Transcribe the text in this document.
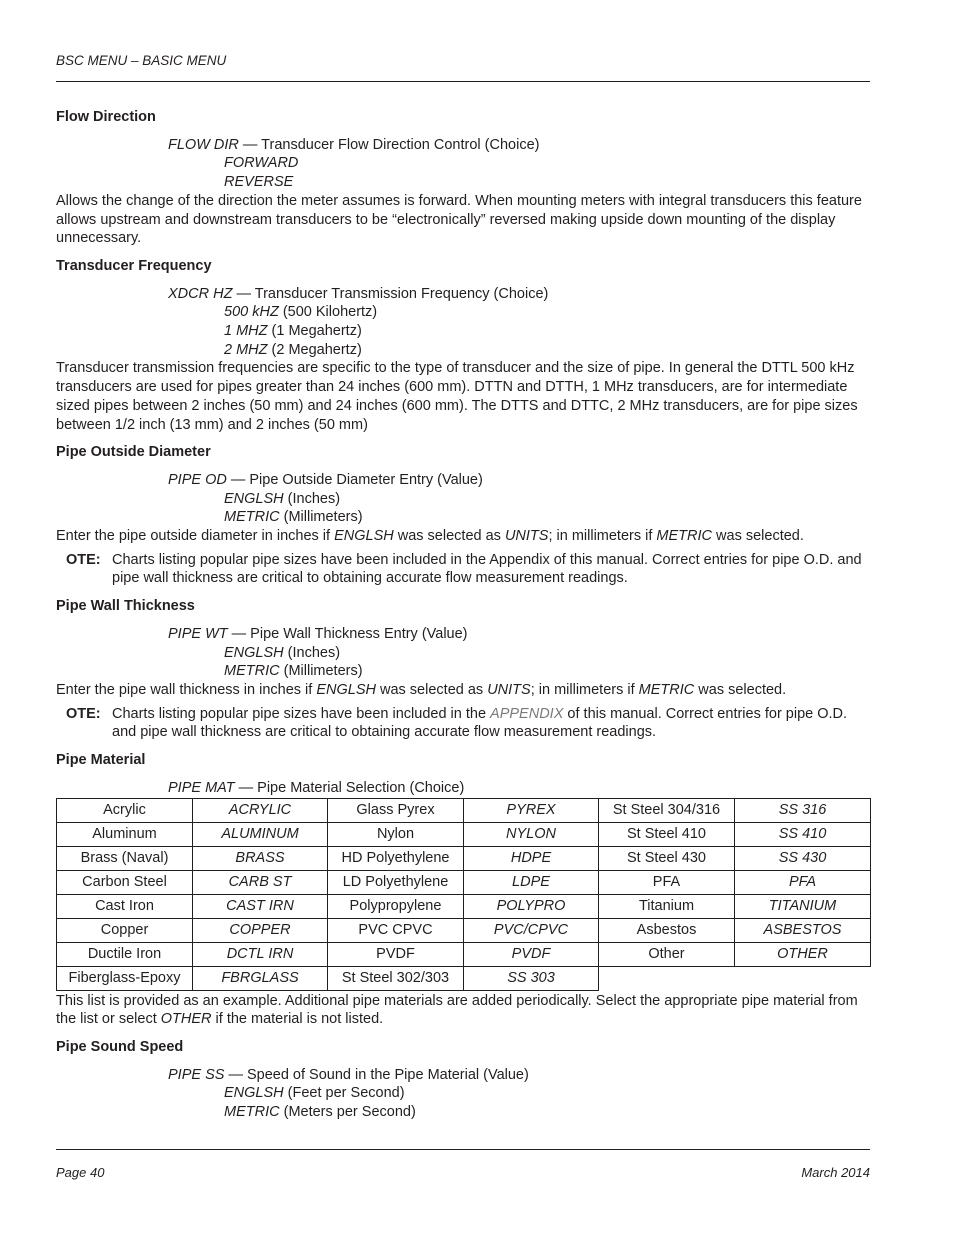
BSC MENU – BASIC MENU
Flow Direction
FLOW DIR — Transducer Flow Direction Control (Choice)
FORWARD
REVERSE

Allows the change of the direction the meter assumes is forward. When mounting meters with integral transducers this feature allows upstream and downstream transducers to be “electronically” reversed making upside down mounting of the display unnecessary.

Transducer Frequency
XDCR HZ — Transducer Transmission Frequency (Choice)
500 kHZ (500 Kilohertz)
1 MHZ (1 Megahertz)
2 MHZ (2 Megahertz)

Transducer transmission frequencies are specific to the type of transducer and the size of pipe. In general the DTTL 500 kHz transducers are used for pipes greater than 24 inches (600 mm). DTTN and DTTH, 1 MHz transducers, are for intermediate sized pipes between 2 inches (50 mm) and 24 inches (600 mm). The DTTS and DTTC, 2 MHz transducers, are for pipe sizes between 1/2 inch (13 mm) and 2 inches (50 mm)

Pipe Outside Diameter
PIPE OD — Pipe Outside Diameter Entry (Value)
ENGLSH (Inches)
METRIC (Millimeters)

Enter the pipe outside diameter in inches if ENGLSH was selected as UNITS; in millimeters if METRIC was selected.

OTE: Charts listing popular pipe sizes have been included in the Appendix of this manual. Correct entries for pipe O.D. and pipe wall thickness are critical to obtaining accurate flow measurement readings.
Pipe Wall Thickness
PIPE WT — Pipe Wall Thickness Entry (Value)
ENGLSH (Inches)
METRIC (Millimeters)

Enter the pipe wall thickness in inches if ENGLSH was selected as UNITS; in millimeters if METRIC was selected.

OTE: Charts listing popular pipe sizes have been included in the APPENDIX of this manual. Correct entries for pipe O.D. and pipe wall thickness are critical to obtaining accurate flow measurement readings.
Pipe Material
PIPE MAT — Pipe Material Selection (Choice)
Acrylic	ACRYLIC	Glass Pyrex	PYREX	St Steel 304/316	SS 316
Aluminum	ALUMINUM	Nylon	NYLON	St Steel 410	SS 410
Brass (Naval)	BRASS	HD Polyethylene	HDPE	St Steel 430	SS 430
Carbon Steel	CARB ST	LD Polyethylene	LDPE	PFA	PFA
Cast Iron	CAST IRN	Polypropylene	POLYPRO	Titanium	TITANIUM
Copper	COPPER	PVC CPVC	PVC/CPVC	Asbestos	ASBESTOS
Ductile Iron	DCTL IRN	PVDF	PVDF	Other	OTHER
Fiberglass-Epoxy	FBRGLASS	St Steel 302/303	SS 303		

This list is provided as an example. Additional pipe materials are added periodically. Select the appropriate pipe material from the list or select OTHER if the material is not listed.

Pipe Sound Speed
PIPE SS — Speed of Sound in the Pipe Material (Value)
ENGLSH (Feet per Second)
METRIC (Meters per Second)
Page 40	March 2014
